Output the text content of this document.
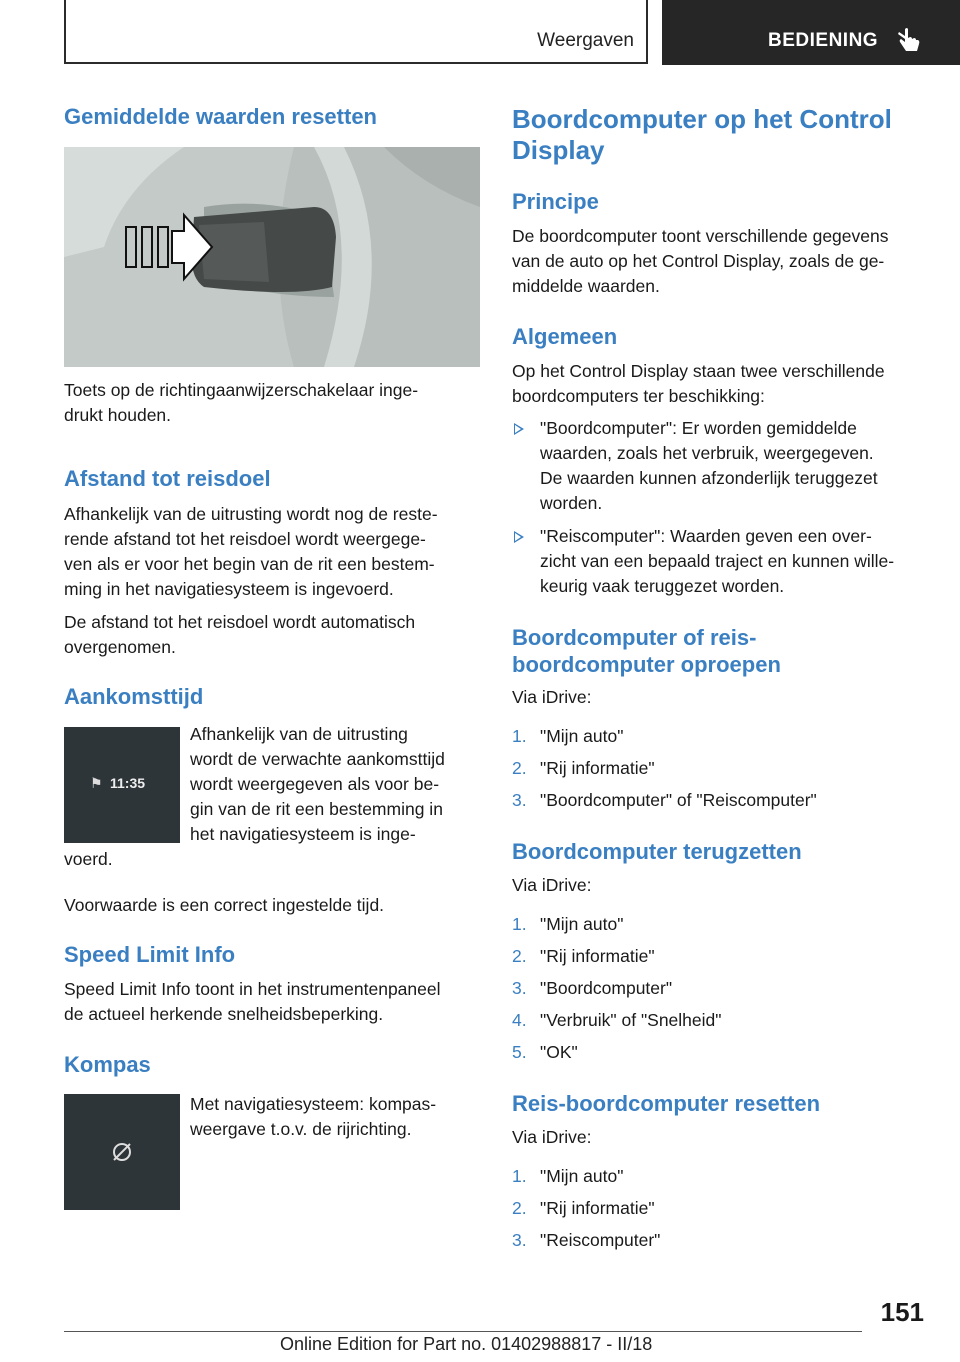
Weergaven	BEDIENING
Gemiddelde waarden resetten

Toets op de richtingaanwijzerschakelaar inge-
drukt houden.

Afstand tot reisdoel

Afhankelijk van de uitrusting wordt nog de reste-
rende afstand tot het reisdoel wordt weergege-
ven als er voor het begin van de rit een bestem-
ming in het navigatiesysteem is ingevoerd.

De afstand tot het reisdoel wordt automatisch
overgenomen.

Aankomsttijd
⚑ 11:35

Afhankelijk van de uitrusting
wordt de verwachte aankomsttijd
wordt weergegeven als voor be-
gin van de rit een bestemming in
het navigatiesysteem is inge-

voerd.

Voorwaarde is een correct ingestelde tijd.

Speed Limit Info

Speed Limit Info toont in het instrumentenpaneel
de actueel herkende snelheidsbeperking.

Kompas

Met navigatiesysteem: kompas-
weergave t.o.v. de rijrichting.

Boordcomputer op het Control
Display
Principe

De boordcomputer toont verschillende gegevens
van de auto op het Control Display, zoals de ge-
middelde waarden.

Algemeen

Op het Control Display staan twee verschillende
boordcomputers ter beschikking:

"Boordcomputer": Er worden gemiddelde
waarden, zoals het verbruik, weergegeven.
De waarden kunnen afzonderlijk teruggezet
worden.

"Reiscomputer": Waarden geven een over-
zicht van een bepaald traject en kunnen wille-
keurig vaak teruggezet worden.

Boordcomputer of reis-
boordcomputer oproepen

Via iDrive:

1. "Mijn auto"
2. "Rij informatie"
3. "Boordcomputer" of "Reiscomputer"
Boordcomputer terugzetten

Via iDrive:

1. "Mijn auto"
2. "Rij informatie"
3. "Boordcomputer"
4. "Verbruik" of "Snelheid"
5. "OK"
Reis-boordcomputer resetten

Via iDrive:

1. "Mijn auto"
2. "Rij informatie"
3. "Reiscomputer"
151
Online Edition for Part no. 01402988817 - II/18
